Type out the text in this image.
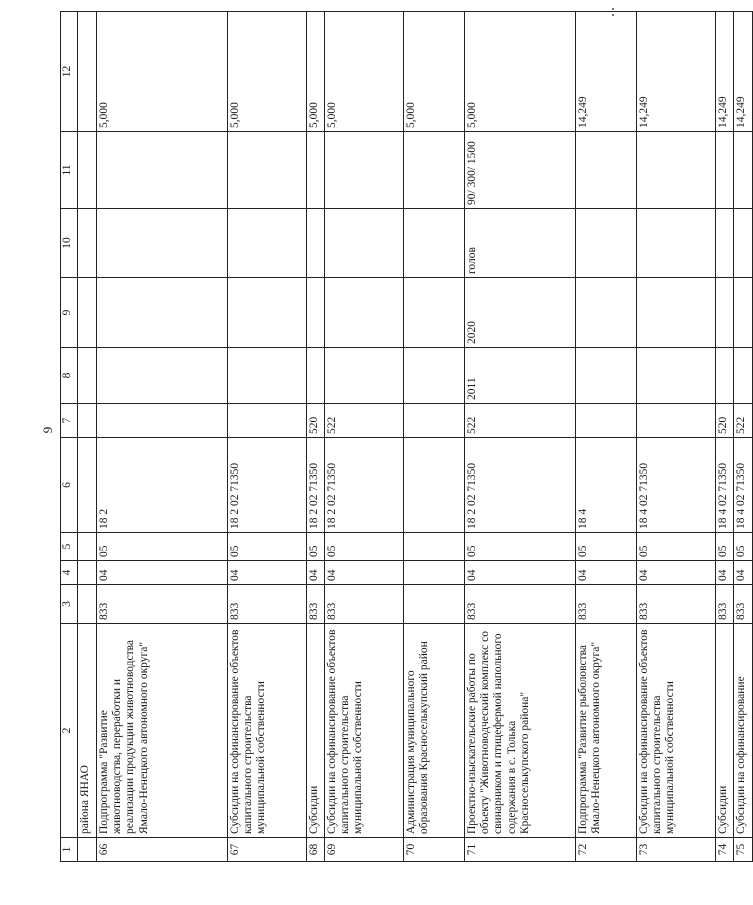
9
1	2	3	4	5	6	7	8	9	10	11	12
	района ЯНАО										
66	Подпрограмма "Развитие животноводства, переработки и реализации продукции животноводства Ямало-Ненецкого автономного округа"	833	04	05	18 2						5,000
67	Субсидии на софинансирование объектов капитального строительства муниципальной собственности	833	04	05	18 2 02 71350						5,000
68	Субсидии	833	04	05	18 2 02 71350	520					5,000
69	Субсидии на софинансирование объектов капитального строительства муниципальной собственности	833	04	05	18 2 02 71350	522					5,000
70	Администрация муниципального образования Красноселькупский район										5,000
71	Проектно-изыскательские работы по объекту "Животноводческий комплекс со свинарником и птицефермой напольного содержания в с. Толька Красноселькупского района"	833	04	05	18 2 02 71350	522	2011	2020	голов	90/ 300/ 1500	5,000
72	Подпрограмма "Развитие рыболовства Ямало-Ненецкого автономного округа"	833	04	05	18 4						14,249
73	Субсидии на софинансирование объектов капитального строительства муниципальной собственности	833	04	05	18 4 02 71350						14,249
74	Субсидии	833	04	05	18 4 02 71350	520					14,249
75	Субсидии на софинансирование	833	04	05	18 4 02 71350	522					14,249
